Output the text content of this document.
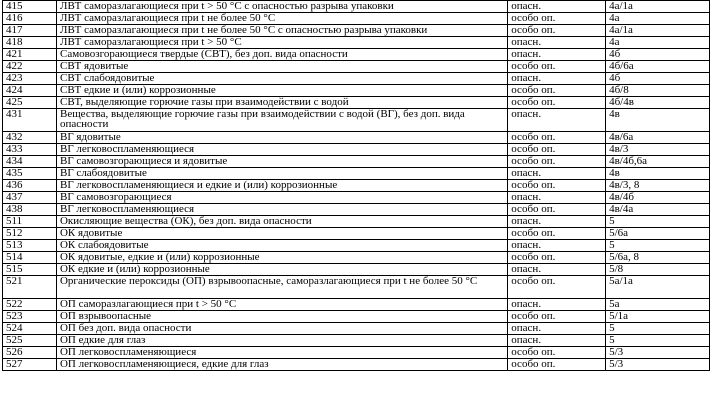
415	ЛВТ саморазлагающиеся при t > 50 °С с опасностью разрыва упаковки	опасн.	4а/1а
416	ЛВТ саморазлагающиеся при t не более 50 °С	особо оп.	4а
417	ЛВТ саморазлагающиеся при t не более 50 °С с опасностью разрыва упаковки	особо оп.	4а/1а
418	ЛВТ саморазлагающиеся при t > 50 °С	опасн.	4а
421	Самовозгорающиеся твердые (СВТ), без доп. вида опасности	опасн.	4б
422	СВТ ядовитые	особо оп.	4б/6а
423	СВТ слабоядовитые	опасн.	4б
424	СВТ едкие и (или) коррозионные	особо оп.	4б/8
425	СВТ, выделяющие горючие газы при взаимодействии с водой	особо оп.	4б/4в
431	Вещества, выделяющие горючие газы при взаимодействии с водой (ВГ), без доп. вида опасности	опасн.	4в
432	ВГ ядовитые	особо оп.	4в/6а
433	ВГ легковоспламеняющиеся	особо оп.	4в/3
434	ВГ самовозгорающиеся и ядовитые	особо оп.	4в/4б,6а
435	ВГ слабоядовитые	опасн.	4в
436	ВГ легковоспламеняющиеся и едкие и (или) коррозионные	особо оп.	4в/3, 8
437	ВГ самовозгорающиеся	опасн.	4в/4б
438	ВГ легковоспламеняющиеся	особо оп.	4в/4а
511	Окисляющие вещества (ОК), без доп. вида опасности	опасн.	5
512	ОК ядовитые	особо оп.	5/6а
513	ОК слабоядовитые	опасн.	5
514	ОК ядовитые, едкие и (или) коррозионные	особо оп.	5/6а, 8
515	ОК едкие и (или) коррозионные	опасн.	5/8
521	Органические пероксиды (ОП) взрывоопасные, саморазлагающиеся при t не более 50 °С	особо оп.	5а/1а
522	ОП саморазлагающиеся при t > 50 °С	опасн.	5а
523	ОП взрывоопасные	особо оп.	5/1а
524	ОП без доп. вида опасности	опасн.	5
525	ОП едкие для глаз	опасн.	5
526	ОП легковоспламеняющиеся	особо оп.	5/3
527	ОП легковоспламеняющиеся, едкие для глаз	особо оп.	5/3
